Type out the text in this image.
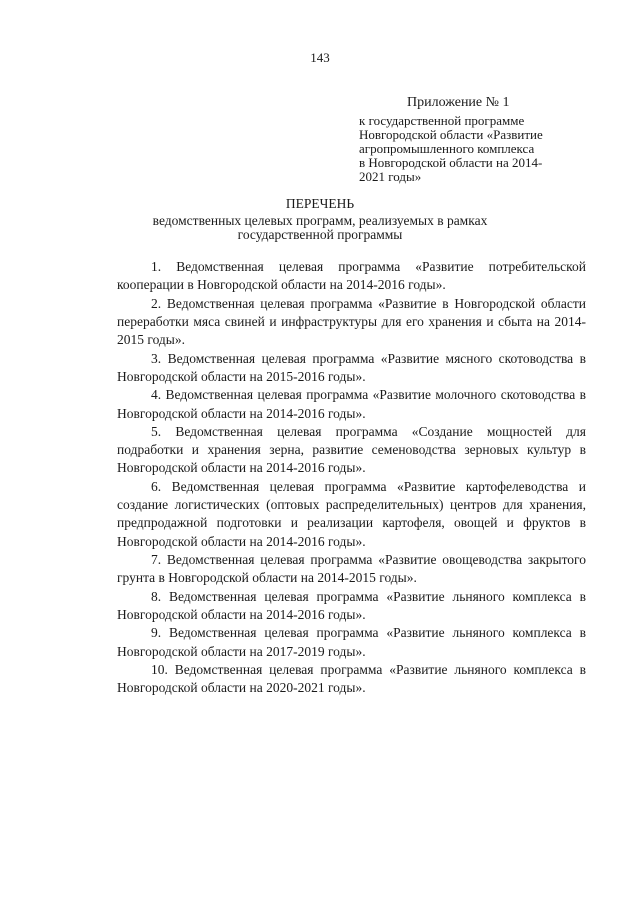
143
Приложение № 1
к государственной программе
Новгородской области «Развитие
агропромышленного комплекса
в Новгородской области на 2014-
2021 годы»
ПЕРЕЧЕНЬ
ведомственных целевых программ, реализуемых в рамках
государственной программы

1. Ведомственная целевая программа «Развитие потребительской кооперации в Новгородской области на 2014-2016 годы».

2. Ведомственная целевая программа «Развитие в Новгородской области переработки мяса свиней и инфраструктуры для его хранения и сбыта на 2014-2015 годы».

3. Ведомственная целевая программа «Развитие мясного скотоводства в Новгородской области на 2015-2016 годы».

4. Ведомственная целевая программа «Развитие молочного скотоводства в Новгородской области на 2014-2016 годы».

5. Ведомственная целевая программа «Создание мощностей для подработки и хранения зерна, развитие семеноводства зерновых культур в Новгородской области на 2014-2016 годы».

6. Ведомственная целевая программа «Развитие картофелеводства и создание логистических (оптовых распределительных) центров для хранения, предпродажной подготовки и реализации картофеля, овощей и фруктов в Новгородской области на 2014-2016 годы».

7. Ведомственная целевая программа «Развитие овощеводства закрытого грунта в Новгородской области на 2014-2015 годы».

8. Ведомственная целевая программа «Развитие льняного комплекса в Новгородской области на 2014-2016 годы».

9. Ведомственная целевая программа «Развитие льняного комплекса в Новгородской области на 2017-2019 годы».

10. Ведомственная целевая программа «Развитие льняного комплекса в Новгородской области на 2020-2021 годы».
